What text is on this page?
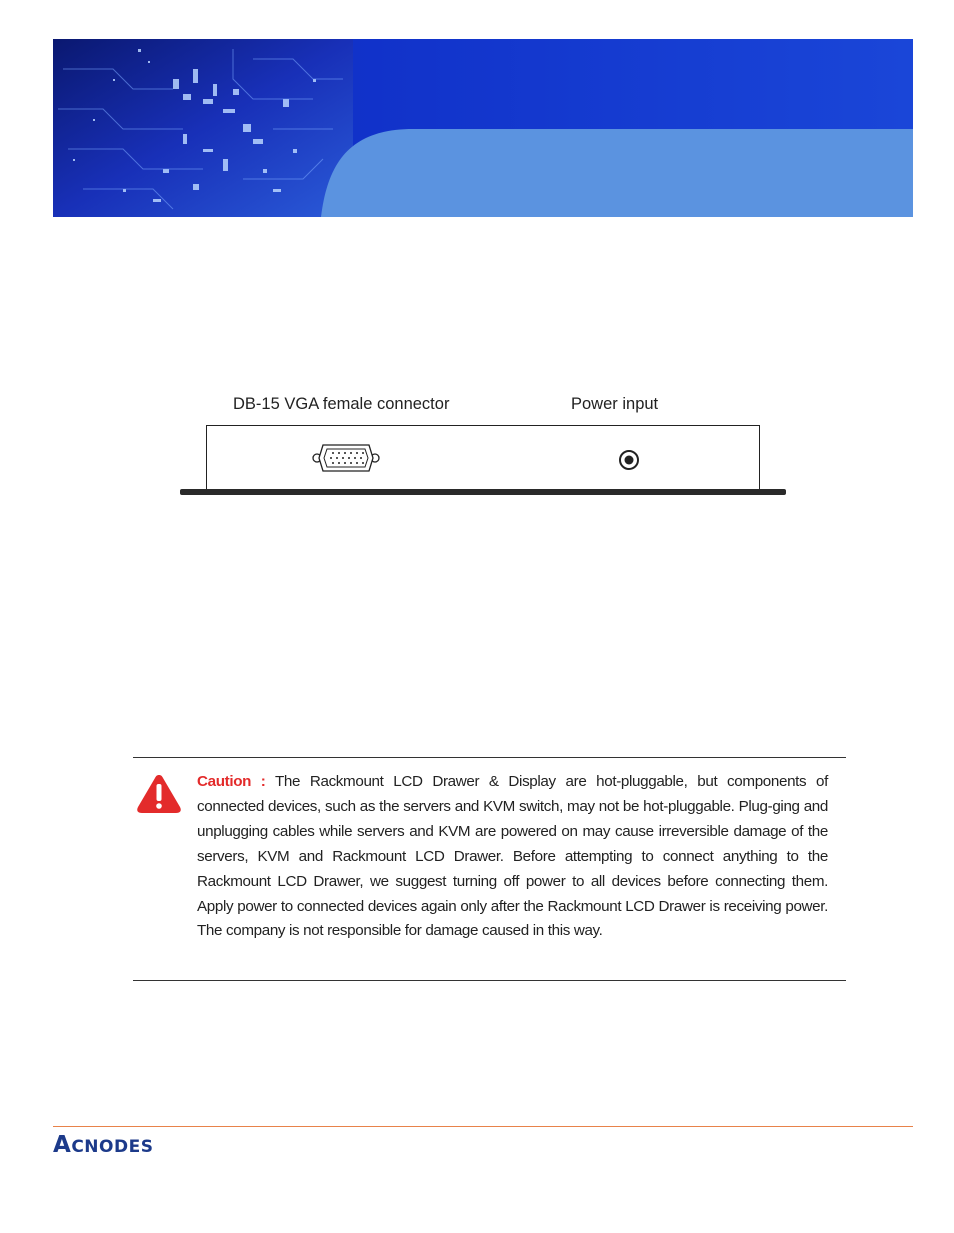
DB-15 VGA female connector	Power input

Caution : The Rackmount LCD Drawer & Display are hot-pluggable, but components of connected devices, such as the servers and KVM switch, may not be hot-pluggable. Plug-ging and unplugging cables while servers and KVM are powered on may cause irreversible damage of the servers, KVM and Rackmount LCD Drawer. Before attempting to connect anything to the Rackmount LCD Drawer, we suggest turning off power to all devices before connecting them. Apply power to connected devices again only after the Rackmount LCD Drawer is receiving power. The company is not responsible for damage caused in this way.

ACNODES
